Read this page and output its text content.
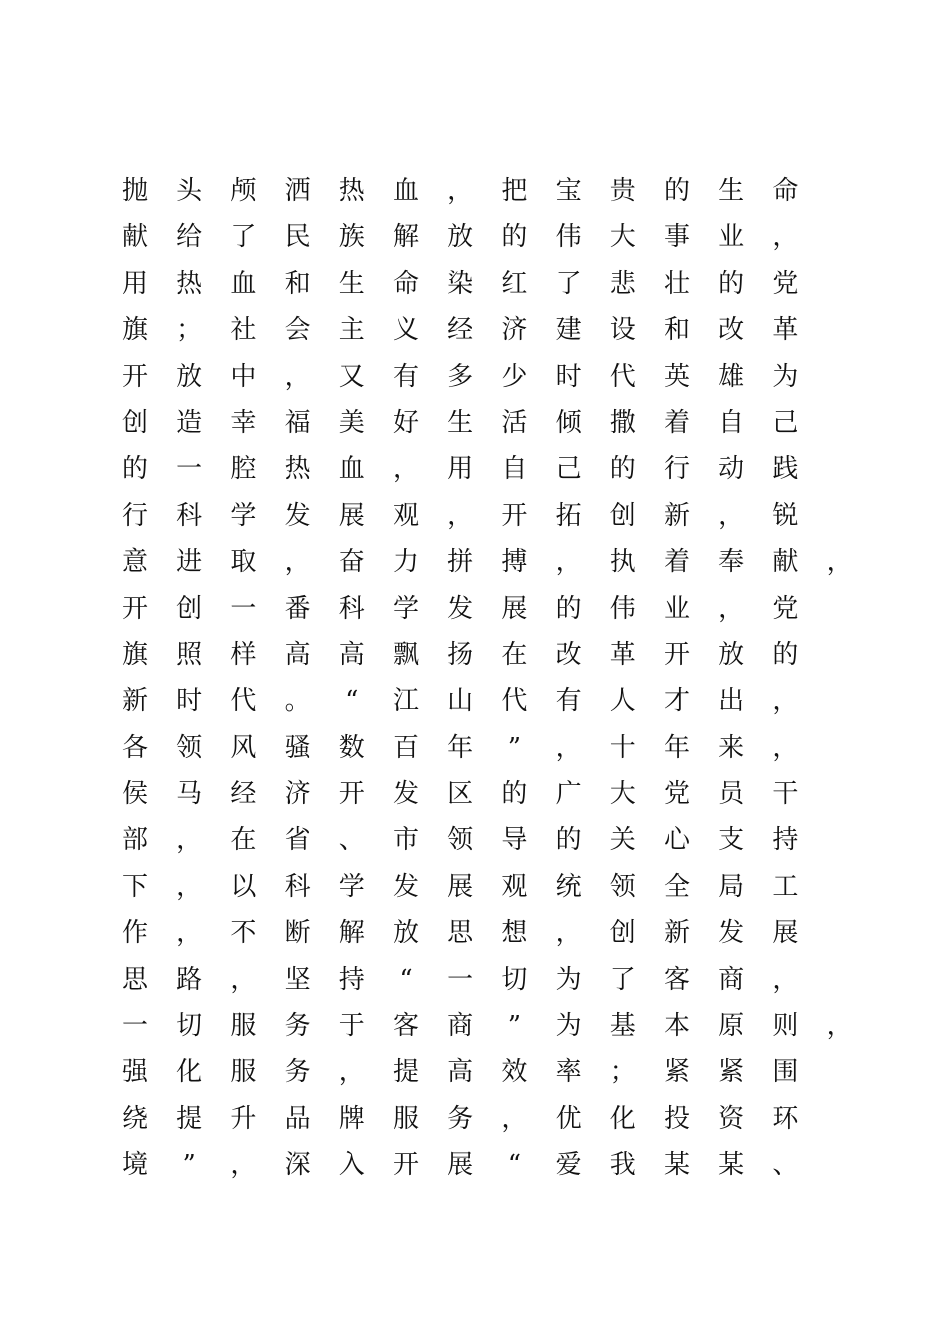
抛 头 颅 洒 热 血 ， 把 宝 贵 的 生 命
献 给 了 民 族 解 放 的 伟 大 事 业 ，
用 热 血 和 生 命 染 红 了 悲 壮 的 党
旗 ； 社 会 主 义 经 济 建 设 和 改 革
开 放 中 ， 又 有 多 少 时 代 英 雄 为
创 造 幸 福 美 好 生 活 倾 撒 着 自 己
的 一 腔 热 血 ， 用 自 己 的 行 动 践
行 科 学 发 展 观 ， 开 拓 创 新 ， 锐
意 进 取 ， 奋 力 拼 搏 ， 执 着 奉 献 ，
开 创 一 番 科 学 发 展 的 伟 业 ， 党
旗 照 样 高 高 飘 扬 在 改 革 开 放 的
新 时 代 。	“	江 山 代 有 人 才 出 ，
各 领 风 骚 数 百 年	”	， 十 年 来 ，
侯 马 经 济 开 发 区 的 广 大 党 员 干
部 ， 在 省 、 市 领 导 的 关 心 支 持
下 ， 以 科 学 发 展 观 统 领 全 局 工
作 ， 不 断 解 放 思 想 ， 创 新 发 展
思 路 ， 坚 持	“	一 切 为 了 客 商 ，
一 切 服 务 于 客 商	”	为 基 本 原 则 ，
强 化 服 务 ， 提 高 效 率 ； 紧 紧 围
绕 提 升 品 牌 服 务 ， 优 化 投 资 环
境	”	， 深 入 开 展	“	爱 我 某 某 、
